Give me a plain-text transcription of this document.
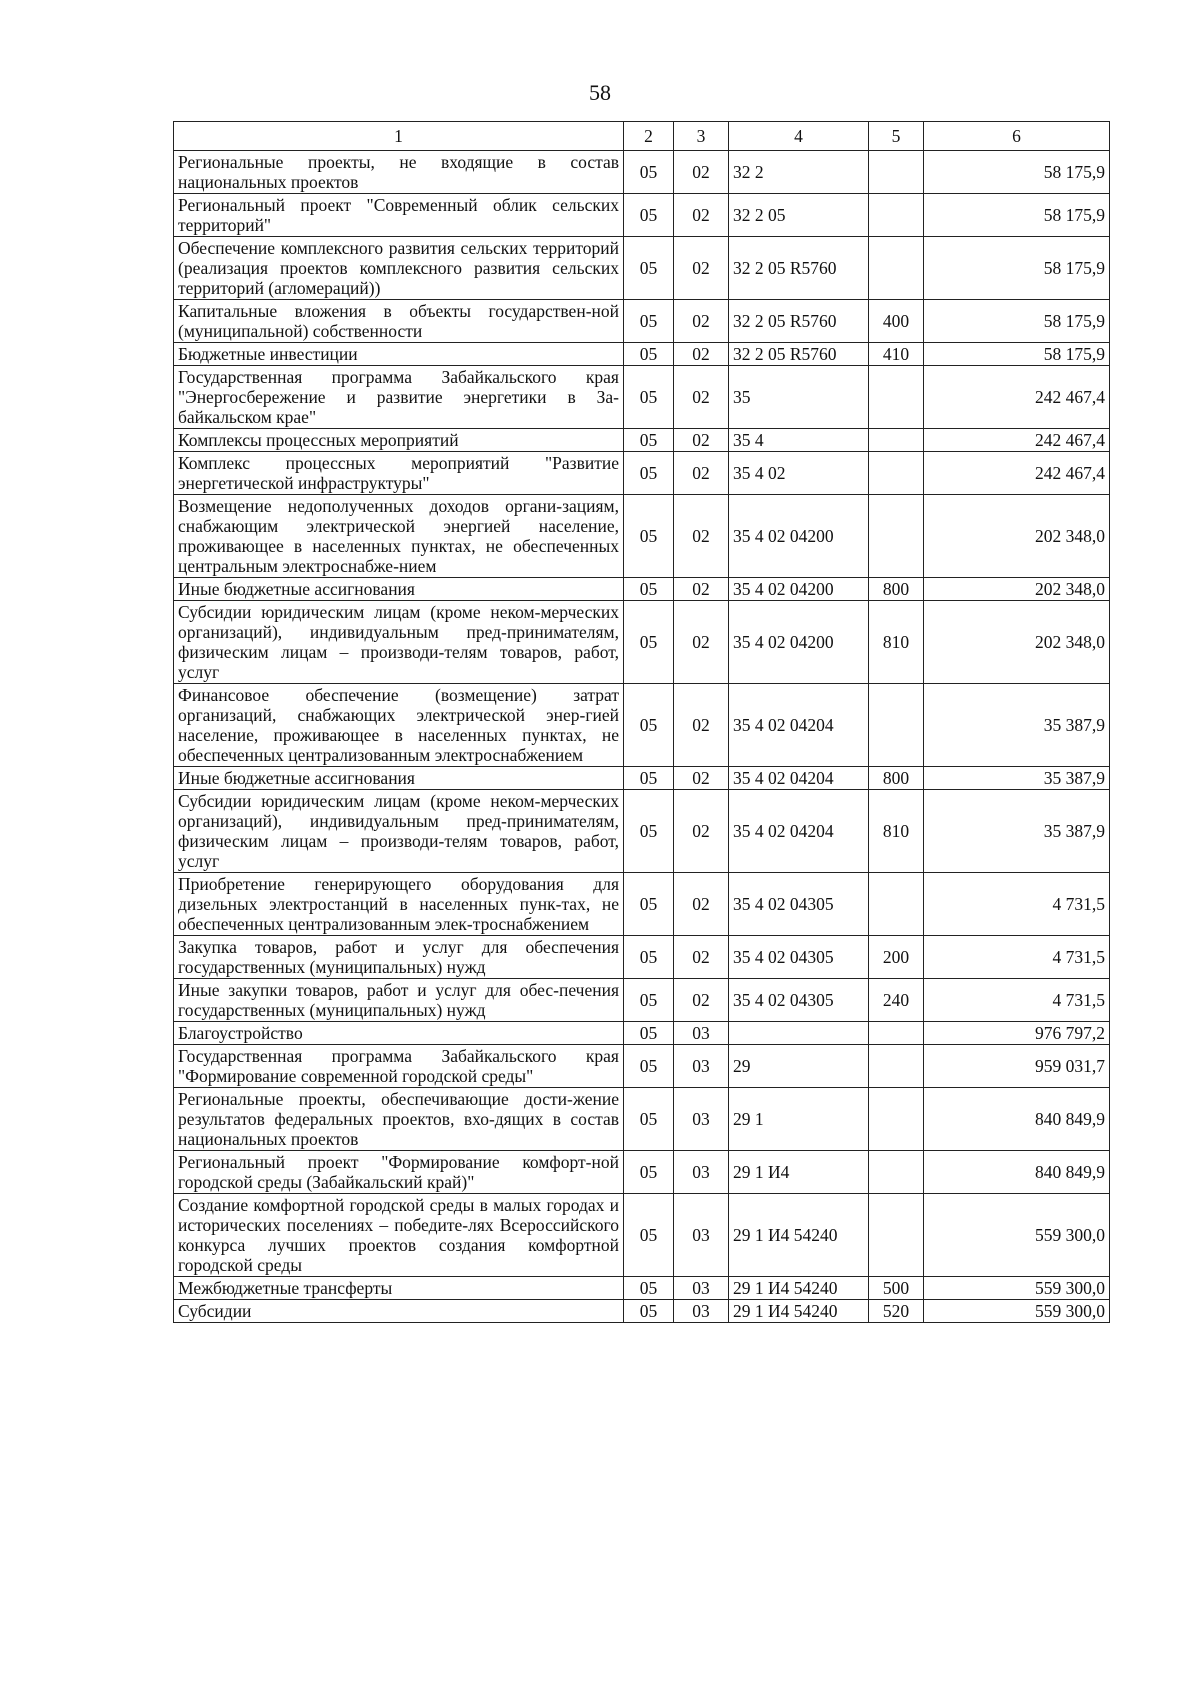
58
1	2	3	4	5	6
Региональные проекты, не входящие в состав национальных проектов	05	02	32 2		58 175,9
Региональный проект "Современный облик сельских территорий"	05	02	32 2 05		58 175,9
Обеспечение комплексного развития сельских территорий (реализация проектов комплексного развития сельских территорий (агломераций))	05	02	32 2 05 R5760		58 175,9
Капитальные вложения в объекты государствен-ной (муниципальной) собственности	05	02	32 2 05 R5760	400	58 175,9
Бюджетные инвестиции	05	02	32 2 05 R5760	410	58 175,9
Государственная программа Забайкальского края "Энергосбережение и развитие энергетики в За-байкальском крае"	05	02	35		242 467,4
Комплексы процессных мероприятий	05	02	35 4		242 467,4
Комплекс процессных мероприятий "Развитие энергетической инфраструктуры"	05	02	35 4 02		242 467,4
Возмещение недополученных доходов органи-зациям, снабжающим электрической энергией население, проживающее в населенных пунктах, не обеспеченных центральным электроснабже-нием	05	02	35 4 02 04200		202 348,0
Иные бюджетные ассигнования	05	02	35 4 02 04200	800	202 348,0
Субсидии юридическим лицам (кроме неком-мерческих организаций), индивидуальным пред-принимателям, физическим лицам – производи-телям товаров, работ, услуг	05	02	35 4 02 04200	810	202 348,0
Финансовое обеспечение (возмещение) затрат организаций, снабжающих электрической энер-гией население, проживающее в населенных пунктах, не обеспеченных централизованным электроснабжением	05	02	35 4 02 04204		35 387,9
Иные бюджетные ассигнования	05	02	35 4 02 04204	800	35 387,9
Субсидии юридическим лицам (кроме неком-мерческих организаций), индивидуальным пред-принимателям, физическим лицам – производи-телям товаров, работ, услуг	05	02	35 4 02 04204	810	35 387,9
Приобретение генерирующего оборудования для дизельных электростанций в населенных пунк-тах, не обеспеченных централизованным элек-троснабжением	05	02	35 4 02 04305		4 731,5
Закупка товаров, работ и услуг для обеспечения государственных (муниципальных) нужд	05	02	35 4 02 04305	200	4 731,5
Иные закупки товаров, работ и услуг для обес-печения государственных (муниципальных) нужд	05	02	35 4 02 04305	240	4 731,5
Благоустройство	05	03			976 797,2
Государственная программа Забайкальского края "Формирование современной городской среды"	05	03	29		959 031,7
Региональные проекты, обеспечивающие дости-жение результатов федеральных проектов, вхо-дящих в состав национальных проектов	05	03	29 1		840 849,9
Региональный проект "Формирование комфорт-ной городской среды (Забайкальский край)"	05	03	29 1 И4		840 849,9
Создание комфортной городской среды в малых городах и исторических поселениях – победите-лях Всероссийского конкурса лучших проектов создания комфортной городской среды	05	03	29 1 И4 54240		559 300,0
Межбюджетные трансферты	05	03	29 1 И4 54240	500	559 300,0
Субсидии	05	03	29 1 И4 54240	520	559 300,0
